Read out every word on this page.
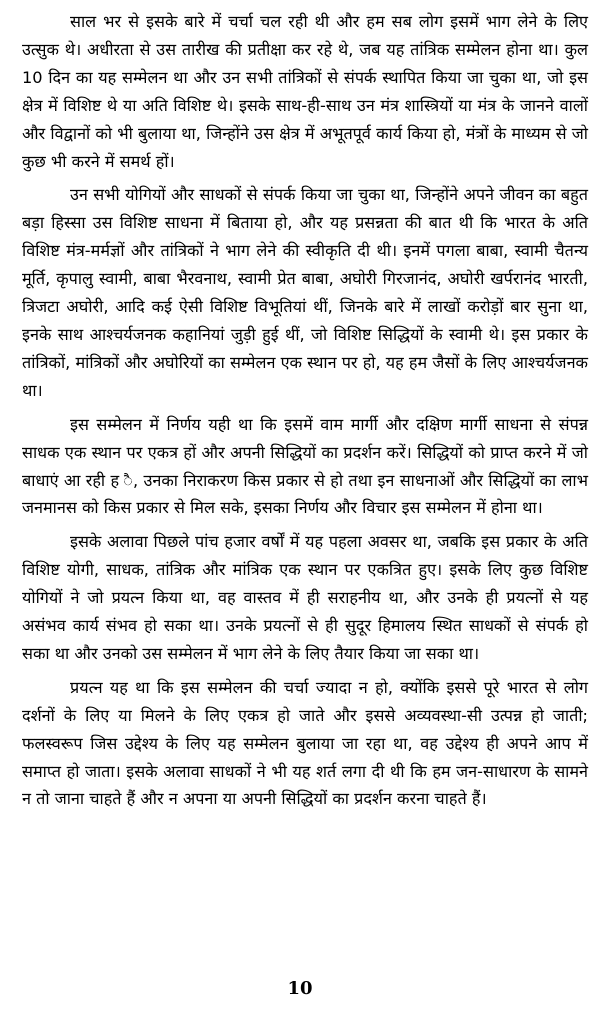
साल भर से इसके बारे में चर्चा चल रही थी और हम सब लोग इसमें भाग लेने के लिए उत्सुक थे। अधीरता से उस तारीख की प्रतीक्षा कर रहे थे, जब यह तांत्रिक सम्मेलन होना था। कुल 10 दिन का यह सम्मेलन था और उन सभी तांत्रिकों से संपर्क स्थापित किया जा चुका था, जो इस क्षेत्र में विशिष्ट थे या अति विशिष्ट थे। इसके साथ-ही-साथ उन मंत्र शास्त्रियों या मंत्र के जानने वालों और विद्वानों को भी बुलाया था, जिन्होंने उस क्षेत्र में अभूतपूर्व कार्य किया हो, मंत्रों के माध्यम से जो कुछ भी करने में समर्थ हों।

उन सभी योगियों और साधकों से संपर्क किया जा चुका था, जिन्होंने अपने जीवन का बहुत बड़ा हिस्सा उस विशिष्ट साधना में बिताया हो, और यह प्रसन्नता की बात थी कि भारत के अति विशिष्ट मंत्र-मर्मज्ञों और तांत्रिकों ने भाग लेने की स्वीकृति दी थी। इनमें पगला बाबा, स्वामी चैतन्य मूर्ति, कृपालु स्वामी, बाबा भैरवनाथ, स्वामी प्रेत बाबा, अघोरी गिरजानंद, अघोरी खर्परानंद भारती, त्रिजटा अघोरी, आदि कई ऐसी विशिष्ट विभूतियां थीं, जिनके बारे में लाखों करोड़ों बार सुना था, इनके साथ आश्चर्यजनक कहानियां जुड़ी हुई थीं, जो विशिष्ट सिद्धियों के स्वामी थे। इस प्रकार के तांत्रिकों, मांत्रिकों और अघोरियों का सम्मेलन एक स्थान पर हो, यह हम जैसों के लिए आश्चर्यजनक था।

इस सम्मेलन में निर्णय यही था कि इसमें वाम मार्गी और दक्षिण मार्गी साधना से संपन्न साधक एक स्थान पर एकत्र हों और अपनी सिद्धियों का प्रदर्शन करें। सिद्धियों को प्राप्त करने में जो बाधाएं आ रही ह ै, उनका निराकरण किस प्रकार से हो तथा इन साधनाओं और सिद्धियों का लाभ जनमानस को किस प्रकार से मिल सके, इसका निर्णय और विचार इस सम्मेलन में होना था।

इसके अलावा पिछले पांच हजार वर्षों में यह पहला अवसर था, जबकि इस प्रकार के अति विशिष्ट योगी, साधक, तांत्रिक और मांत्रिक एक स्थान पर एकत्रित हुए। इसके लिए कुछ विशिष्ट योगियों ने जो प्रयत्न किया था, वह वास्तव में ही सराहनीय था, और उनके ही प्रयत्नों से यह असंभव कार्य संभव हो सका था। उनके प्रयत्नों से ही सुदूर हिमालय स्थित साधकों से संपर्क हो सका था और उनको उस सम्मेलन में भाग लेने के लिए तैयार किया जा सका था।

प्रयत्न यह था कि इस सम्मेलन की चर्चा ज्यादा न हो, क्योंकि इससे पूरे भारत से लोग दर्शनों के लिए या मिलने के लिए एकत्र हो जाते और इससे अव्यवस्था-सी उत्पन्न हो जाती; फलस्वरूप जिस उद्देश्य के लिए यह सम्मेलन बुलाया जा रहा था, वह उद्देश्य ही अपने आप में समाप्त हो जाता। इसके अलावा साधकों ने भी यह शर्त लगा दी थी कि हम जन-साधारण के सामने न तो जाना चाहते हैं और न अपना या अपनी सिद्धियों का प्रदर्शन करना चाहते हैं।

10
